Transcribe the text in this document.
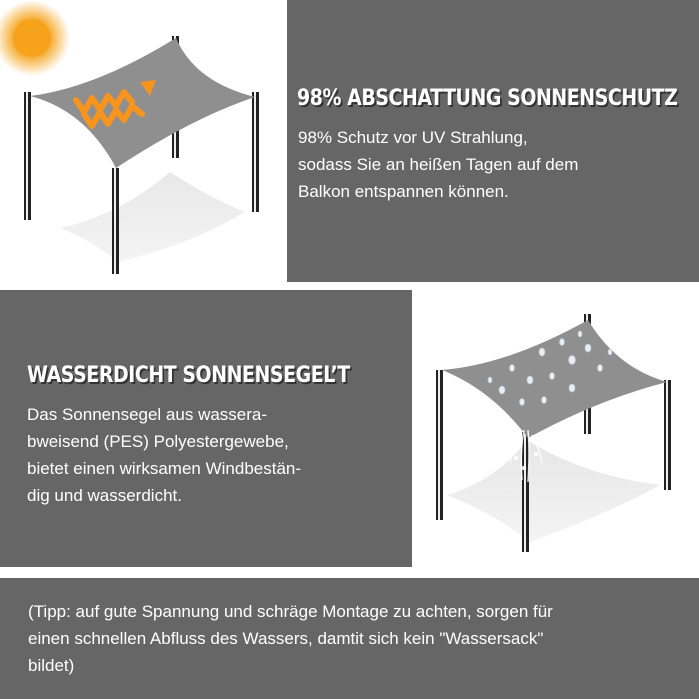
98% ABSCHATTUNG SONNENSCHUTZ
98% Schutz vor UV Strahlung,
sodass Sie an heißen Tagen auf dem
Balkon entspannen können.
WASSERDICHT SONNENSEGEL’T
Das Sonnensegel aus wassera-
bweisend (PES) Polyestergewebe,
bietet einen wirksamen Windbestän-
dig und wasserdicht.
(Tipp: auf gute Spannung und schräge Montage zu achten, sorgen für
einen schnellen Abfluss des Wassers, damtit sich kein "Wassersack"
bildet)
